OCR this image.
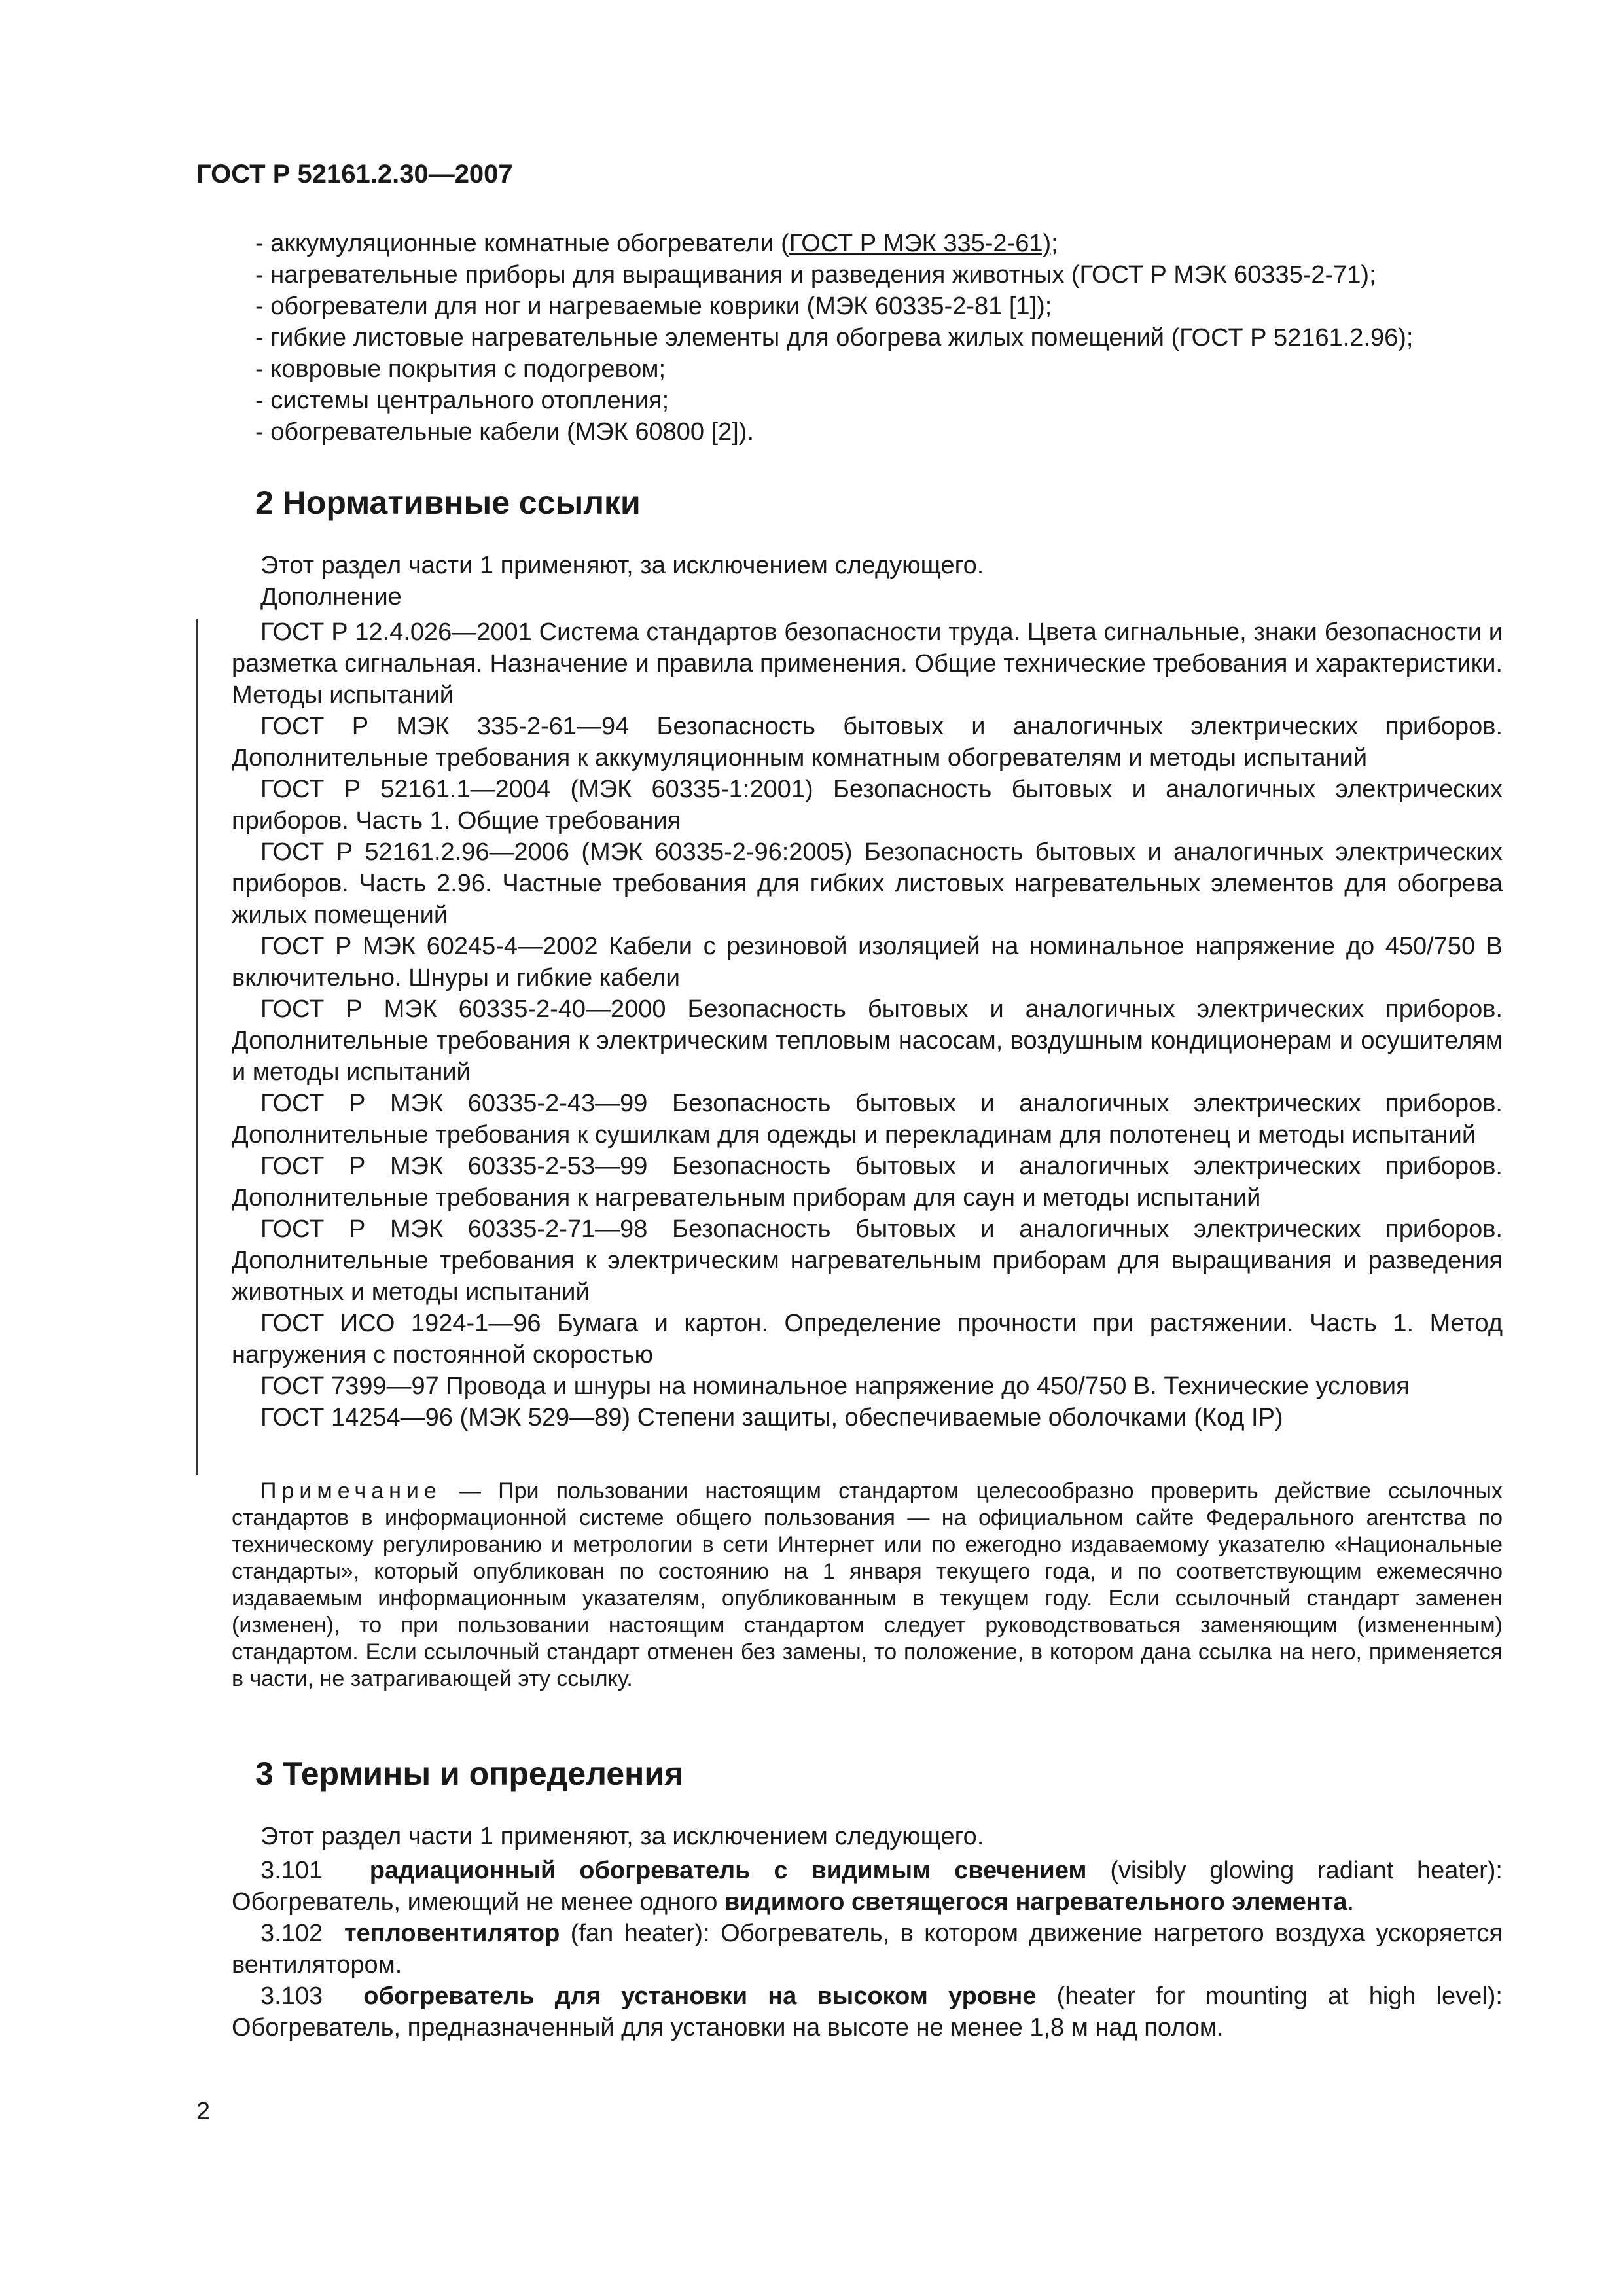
ГОСТ Р 52161.2.30—2007
- аккумуляционные комнатные обогреватели (ГОСТ Р МЭК 335-2-61);
- нагревательные приборы для выращивания и разведения животных (ГОСТ Р МЭК 60335-2-71);
- обогреватели для ног и нагреваемые коврики (МЭК 60335-2-81 [1]);
- гибкие листовые нагревательные элементы для обогрева жилых помещений (ГОСТ Р 52161.2.96);
- ковровые покрытия с подогревом;
- системы центрального отопления;
- обогревательные кабели (МЭК 60800 [2]).
2 Нормативные ссылки
Этот раздел части 1 применяют, за исключением следующего.
Дополнение

ГОСТ Р 12.4.026—2001 Система стандартов безопасности труда. Цвета сигнальные, знаки безопасности и разметка сигнальная. Назначение и правила применения. Общие технические требования и характеристики. Методы испытаний

ГОСТ Р МЭК 335-2-61—94 Безопасность бытовых и аналогичных электрических приборов. Дополнительные требования к аккумуляционным комнатным обогревателям и методы испытаний

ГОСТ Р 52161.1—2004 (МЭК 60335-1:2001) Безопасность бытовых и аналогичных электрических приборов. Часть 1. Общие требования

ГОСТ Р 52161.2.96—2006 (МЭК 60335-2-96:2005) Безопасность бытовых и аналогичных электрических приборов. Часть 2.96. Частные требования для гибких листовых нагревательных элементов для обогрева жилых помещений

ГОСТ Р МЭК 60245-4—2002 Кабели с резиновой изоляцией на номинальное напряжение до 450/750 В включительно. Шнуры и гибкие кабели

ГОСТ Р МЭК 60335-2-40—2000 Безопасность бытовых и аналогичных электрических приборов. Дополнительные требования к электрическим тепловым насосам, воздушным кондиционерам и осушителям и методы испытаний

ГОСТ Р МЭК 60335-2-43—99 Безопасность бытовых и аналогичных электрических приборов. Дополнительные требования к сушилкам для одежды и перекладинам для полотенец и методы испытаний

ГОСТ Р МЭК 60335-2-53—99 Безопасность бытовых и аналогичных электрических приборов. Дополнительные требования к нагревательным приборам для саун и методы испытаний

ГОСТ Р МЭК 60335-2-71—98 Безопасность бытовых и аналогичных электрических приборов. Дополнительные требования к электрическим нагревательным приборам для выращивания и разведения животных и методы испытаний

ГОСТ ИСО 1924-1—96 Бумага и картон. Определение прочности при растяжении. Часть 1. Метод нагружения с постоянной скоростью

ГОСТ 7399—97 Провода и шнуры на номинальное напряжение до 450/750 В. Технические условия

ГОСТ 14254—96 (МЭК 529—89) Степени защиты, обеспечиваемые оболочками (Код IP)

Примечание — При пользовании настоящим стандартом целесообразно проверить действие ссылочных стандартов в информационной системе общего пользования — на официальном сайте Федерального агентства по техническому регулированию и метрологии в сети Интернет или по ежегодно издаваемому указателю «Национальные стандарты», который опубликован по состоянию на 1 января текущего года, и по соответствующим ежемесячно издаваемым информационным указателям, опубликованным в текущем году. Если ссылочный стандарт заменен (изменен), то при пользовании настоящим стандартом следует руководствоваться заменяющим (измененным) стандартом. Если ссылочный стандарт отменен без замены, то положение, в котором дана ссылка на него, применяется в части, не затрагивающей эту ссылку.

3 Термины и определения
Этот раздел части 1 применяют, за исключением следующего.

3.101 радиационный обогреватель с видимым свечением (visibly glowing radiant heater): Обогреватель, имеющий не менее одного видимого светящегося нагревательного элемента.

3.102 тепловентилятор (fan heater): Обогреватель, в котором движение нагретого воздуха ускоряется вентилятором.

3.103 обогреватель для установки на высоком уровне (heater for mounting at high level): Обогреватель, предназначенный для установки на высоте не менее 1,8 м над полом.

2
